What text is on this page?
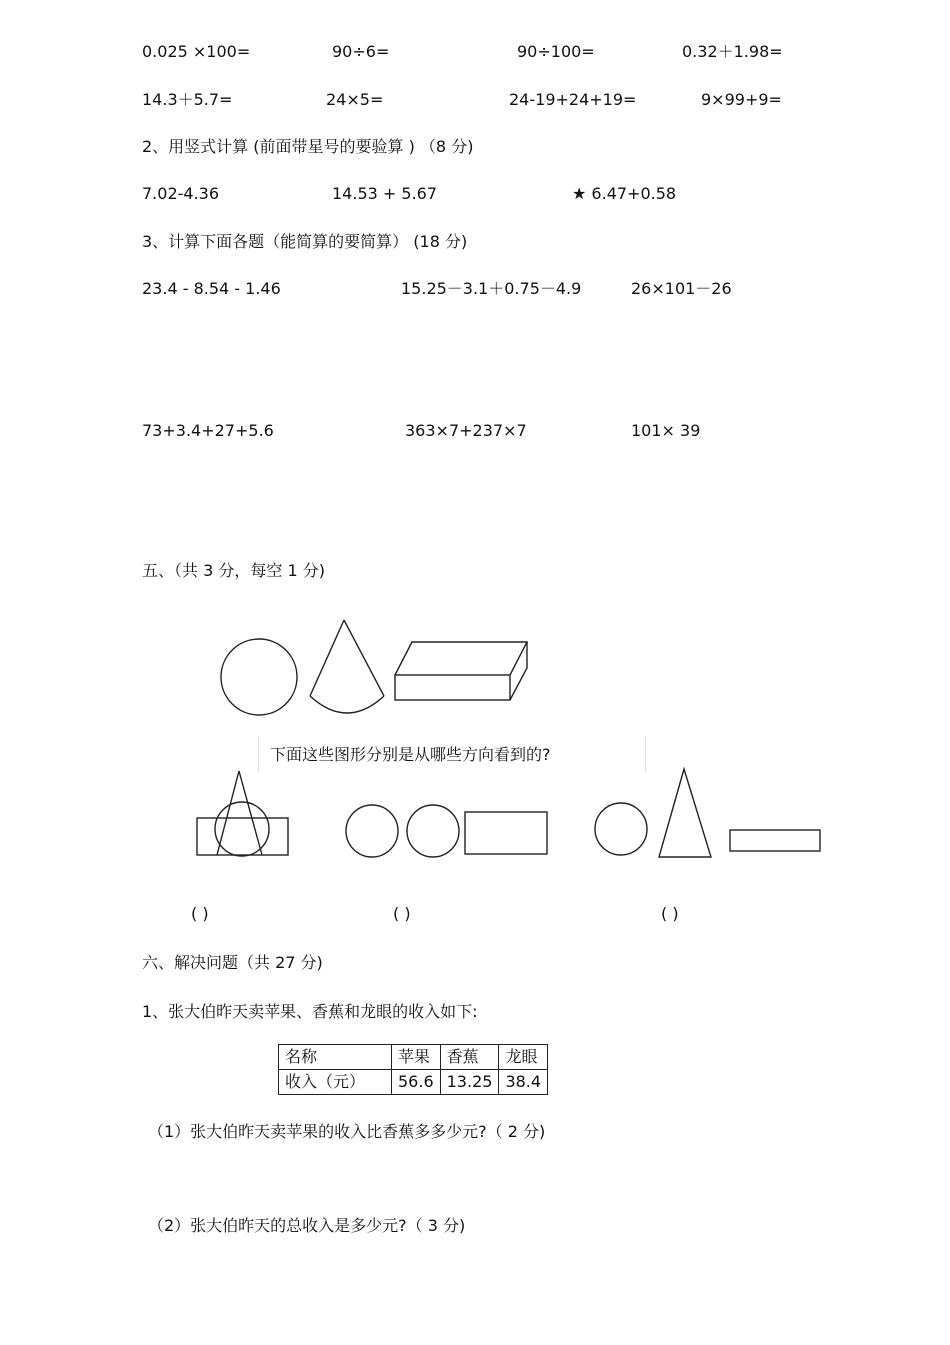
0.025 ×100=	90÷6=	90÷100=	0.32＋1.98=
14.3＋5.7=	24×5=	24-19+24+19=	9×99+9=
2、用竖式计算 (前面带星号的要验算 ) （8 分)
7.02-4.36	14.53 + 5.67	★ 6.47+0.58
3、计算下面各题（能简算的要简算） (18 分)
23.4 - 8.54 - 1.46	15.25－3.1＋0.75－4.9	26×101－26
73+3.4+27+5.6	363×7+237×7	101× 39
五、（共 3 分，每空 1 分)
下面这些图形分别是从哪些方向看到的?
( )	( )	( )
六、解决问题（共 27 分)
1、张大伯昨天卖苹果、香蕉和龙眼的收入如下:
名称	苹果	香蕉	龙眼
收入（元）	56.6	13.25	38.4
（1）张大伯昨天卖苹果的收入比香蕉多多少元?（ 2 分)
（2）张大伯昨天的总收入是多少元?（ 3 分)
